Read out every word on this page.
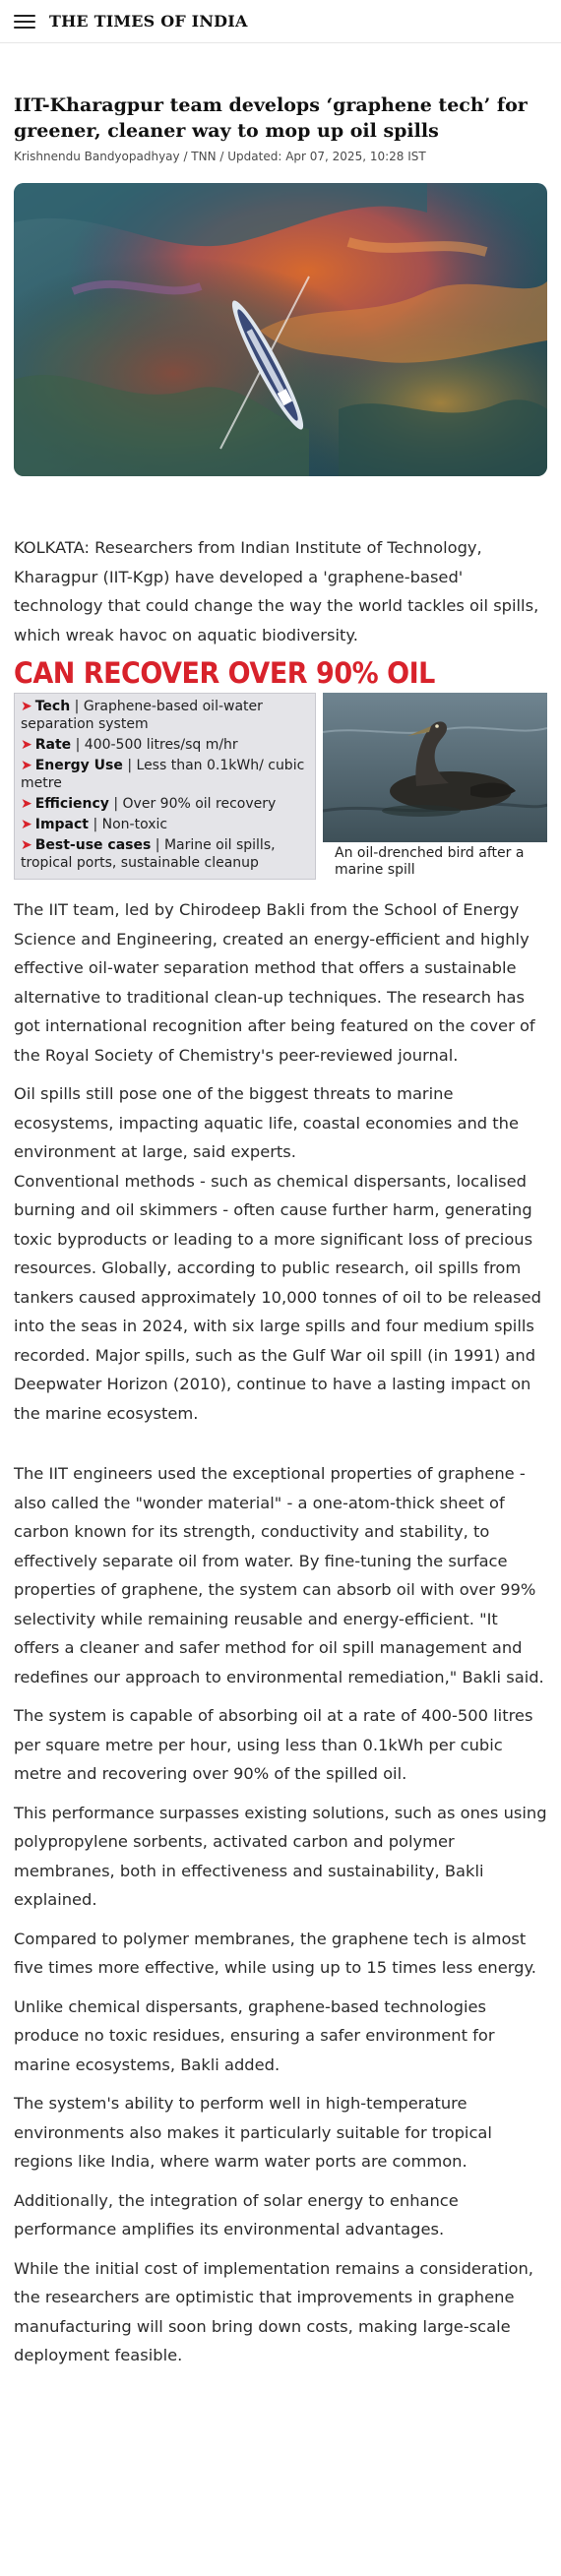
THE TIMES OF INDIA
IIT-Kharagpur team develops ‘graphene tech’ for greener, cleaner way to mop up oil spills
Krishnendu Bandyopadhyay / TNN / Updated: Apr 07, 2025, 10:28 IST

KOLKATA: Researchers from Indian Institute of Technology, Kharagpur (IIT-Kgp) have developed a 'graphene-based' technology that could change the way the world tackles oil spills, which wreak havoc on aquatic biodiversity.

CAN RECOVER OVER 90% OIL
➤ Tech | Graphene-based oil-water separation system
➤ Rate | 400-500 litres/sq m/hr
➤ Energy Use | Less than 0.1kWh/ cubic metre
➤ Efficiency | Over 90% oil recovery
➤ Impact | Non-toxic
➤ Best-use cases | Marine oil spills, tropical ports, sustainable cleanup
An oil-drenched bird after a marine spill

The IIT team, led by Chirodeep Bakli from the School of Energy Science and Engineering, created an energy-efficient and highly effective oil-water separation method that offers a sustainable alternative to traditional clean-up techniques. The research has got international recognition after being featured on the cover of the Royal Society of Chemistry's peer-reviewed journal.

Oil spills still pose one of the biggest threats to marine ecosystems, impacting aquatic life, coastal economies and the environment at large, said experts.

Conventional methods - such as chemical dispersants, localised burning and oil skimmers - often cause further harm, generating toxic byproducts or leading to a more significant loss of precious resources. Globally, according to public research, oil spills from tankers caused approximately 10,000 tonnes of oil to be released into the seas in 2024, with six large spills and four medium spills recorded. Major spills, such as the Gulf War oil spill (in 1991) and Deepwater Horizon (2010), continue to have a lasting impact on the marine ecosystem.

The IIT engineers used the exceptional properties of graphene - also called the "wonder material" - a one-atom-thick sheet of carbon known for its strength, conductivity and stability, to effectively separate oil from water. By fine-tuning the surface properties of graphene, the system can absorb oil with over 99% selectivity while remaining reusable and energy-efficient. "It offers a cleaner and safer method for oil spill management and redefines our approach to environmental remediation," Bakli said.

The system is capable of absorbing oil at a rate of 400-500 litres per square metre per hour, using less than 0.1kWh per cubic metre and recovering over 90% of the spilled oil.

This performance surpasses existing solutions, such as ones using polypropylene sorbents, activated carbon and polymer membranes, both in effectiveness and sustainability, Bakli explained.

Compared to polymer membranes, the graphene tech is almost five times more effective, while using up to 15 times less energy.

Unlike chemical dispersants, graphene-based technologies produce no toxic residues, ensuring a safer environment for marine ecosystems, Bakli added.

The system's ability to perform well in high-temperature environments also makes it particularly suitable for tropical regions like India, where warm water ports are common.

Additionally, the integration of solar energy to enhance performance amplifies its environmental advantages.

While the initial cost of implementation remains a consideration, the researchers are optimistic that improvements in graphene manufacturing will soon bring down costs, making large-scale deployment feasible.
